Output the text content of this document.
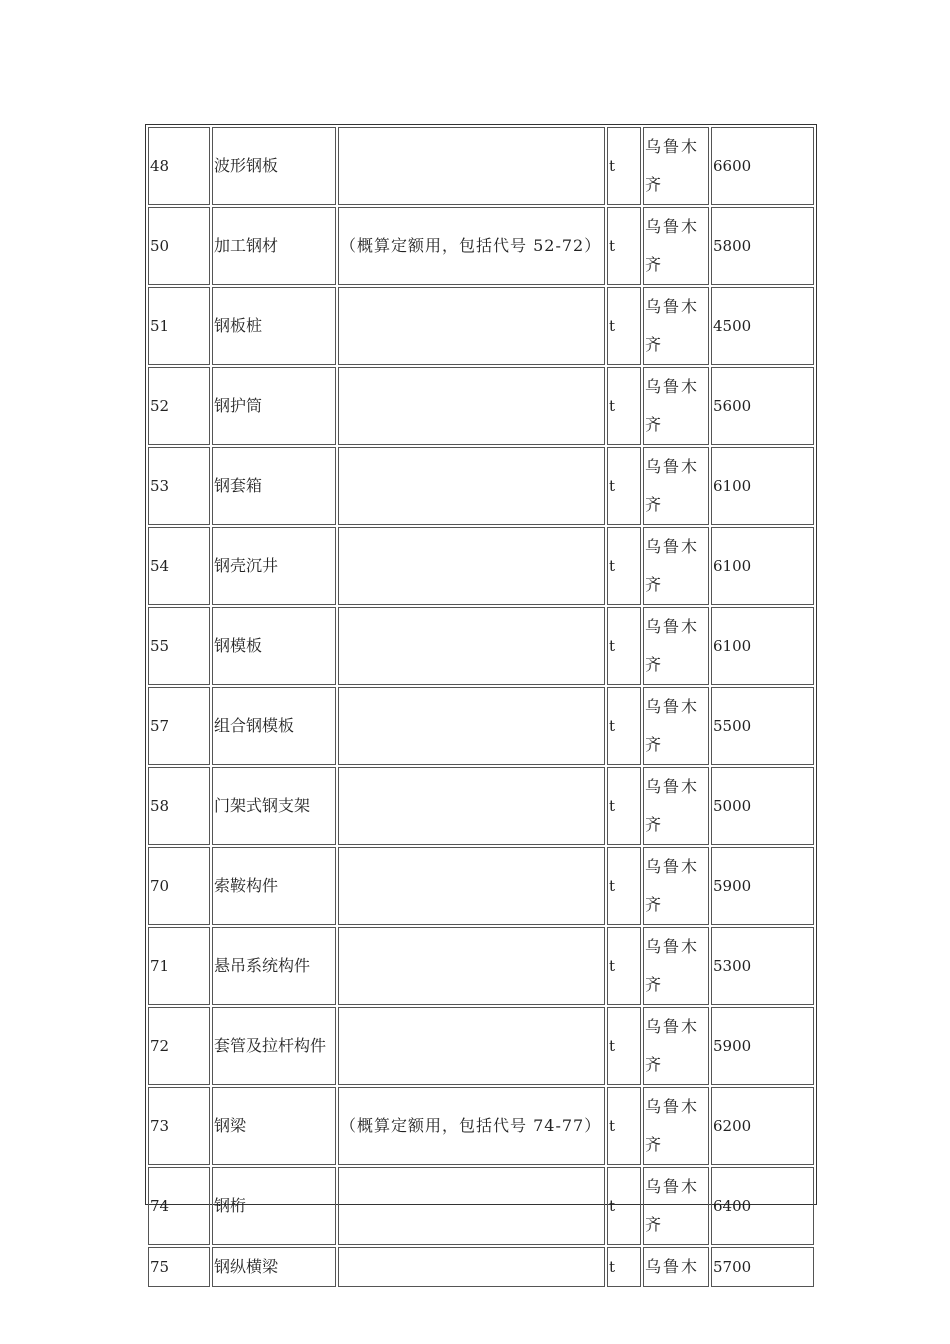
48	波形钢板		t	乌鲁木齐	6600
50	加工钢材	（概算定额用，包括代号 52-72）	t	乌鲁木齐	5800
51	钢板桩		t	乌鲁木齐	4500
52	钢护筒		t	乌鲁木齐	5600
53	钢套箱		t	乌鲁木齐	6100
54	钢壳沉井		t	乌鲁木齐	6100
55	钢模板		t	乌鲁木齐	6100
57	组合钢模板		t	乌鲁木齐	5500
58	门架式钢支架		t	乌鲁木齐	5000
70	索鞍构件		t	乌鲁木齐	5900
71	悬吊系统构件		t	乌鲁木齐	5300
72	套管及拉杆构件		t	乌鲁木齐	5900
73	钢梁	（概算定额用，包括代号 74-77）	t	乌鲁木齐	6200
74	钢桁		t	乌鲁木齐	6400
75	钢纵横梁		t	乌鲁木	5700
